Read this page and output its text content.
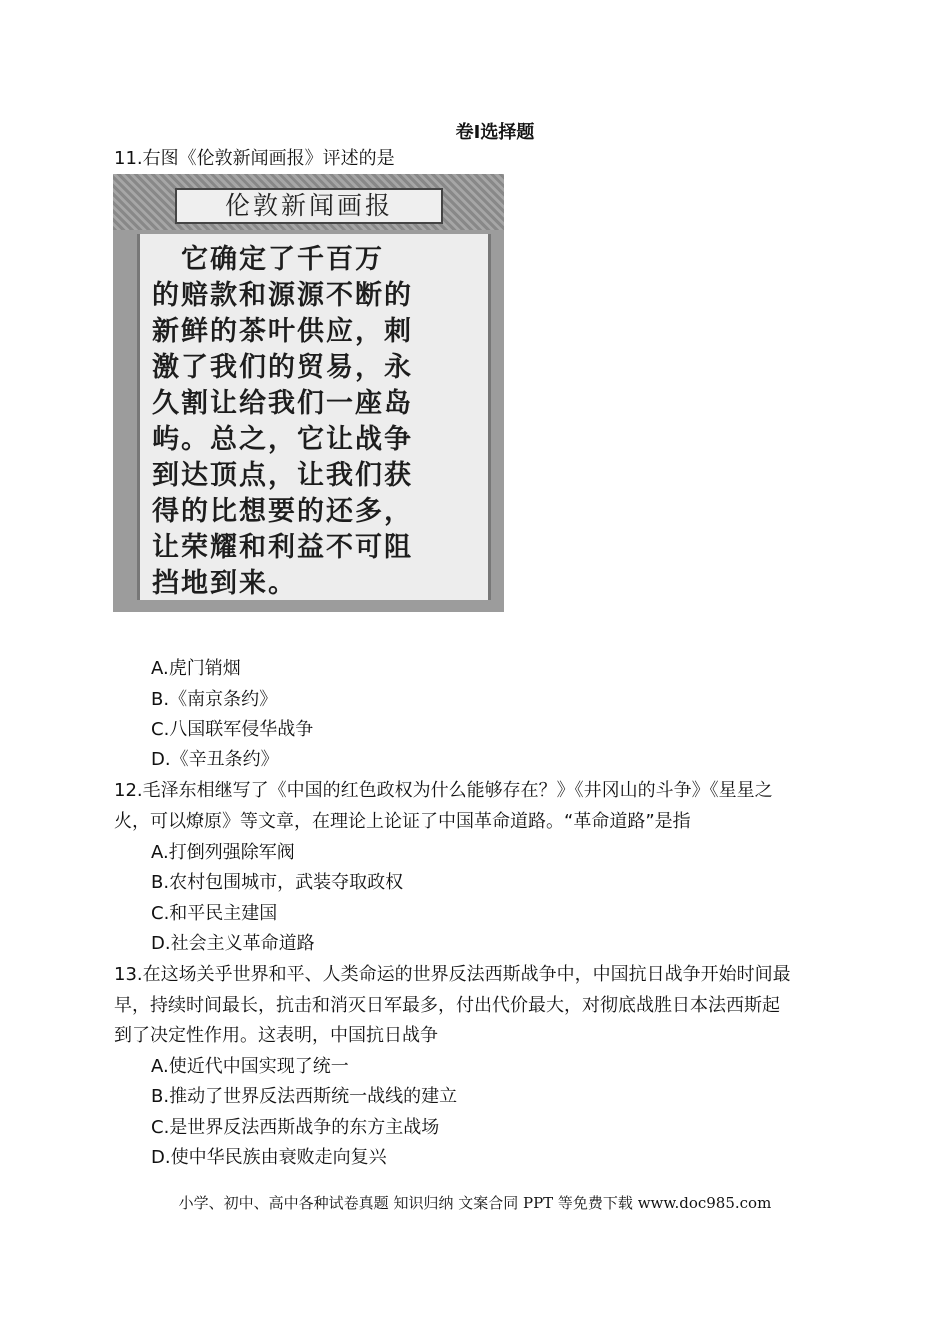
卷Ⅰ选择题
11.右图《伦敦新闻画报》评述的是
伦敦新闻画报
　它确定了千百万
的赔款和源源不断的
新鲜的茶叶供应，刺
激了我们的贸易，永
久割让给我们一座岛
屿。总之，它让战争
到达顶点，让我们获
得的比想要的还多，
让荣耀和利益不可阻
挡地到来。
A.虎门销烟
B.《南京条约》
C.八国联军侵华战争
D.《辛丑条约》
12.毛泽东相继写了《中国的红色政权为什么能够存在？》《井冈山的斗争》《星星之
火，可以燎原》等文章，在理论上论证了中国革命道路。“革命道路”是指
A.打倒列强除军阀
B.农村包围城市，武装夺取政权
C.和平民主建国
D.社会主义革命道路
13.在这场关乎世界和平、人类命运的世界反法西斯战争中，中国抗日战争开始时间最
早，持续时间最长，抗击和消灭日军最多，付出代价最大，对彻底战胜日本法西斯起
到了决定性作用。这表明，中国抗日战争
A.使近代中国实现了统一
B.推动了世界反法西斯统一战线的建立
C.是世界反法西斯战争的东方主战场
D.使中华民族由衰败走向复兴
小学、初中、高中各种试卷真题 知识归纳 文案合同 PPT 等免费下载 www.doc985.com
